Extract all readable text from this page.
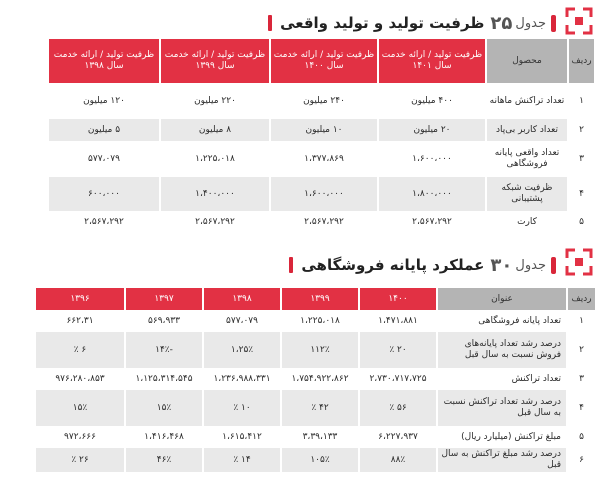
جدول
۲۵
ظرفیت تولید و تولید واقعی
ردیف	محصول	ظرفیت تولید / ارائه خدمت سال ۱۴۰۱	ظرفیت تولید / ارائه خدمت سال ۱۴۰۰	ظرفیت تولید / ارائه خدمت سال ۱۳۹۹	ظرفیت تولید / ارائه خدمت سال ۱۳۹۸
۱	تعداد تراکنش ماهانه	۴۰۰ میلیون	۲۴۰ میلیون	۲۲۰ میلیون	۱۲۰ میلیون
۲	تعداد کاربر بی‌پاد	۲۰ میلیون	۱۰ میلیون	۸ میلیون	۵ میلیون
۳	تعداد واقعی پایانه فروشگاهی	۱،۶۰۰،۰۰۰	۱،۳۷۷،۸۶۹	۱،۲۲۵،۰۱۸	۵۷۷،۰۷۹
۴	ظرفیت شبکه پشتیبانی	۱،۸۰۰،۰۰۰	۱،۶۰۰،۰۰۰	۱،۴۰۰،۰۰۰	۶۰۰،۰۰۰
۵	کارت	۲،۵۶۷،۲۹۲	۲،۵۶۷،۲۹۲	۲،۵۶۷،۲۹۲	۲،۵۶۷،۲۹۲
جدول
۳۰
عملکرد پایانه فروشگاهی
ردیف	عنوان	۱۴۰۰	۱۳۹۹	۱۳۹۸	۱۳۹۷	۱۳۹۶
۱	تعداد پایانه فروشگاهی	۱،۴۷۱،۸۸۱	۱،۲۲۵،۰۱۸	۵۷۷،۰۷۹	۵۶۹،۹۳۳	۶۶۲،۳۱
۲	درصد رشد تعداد پایانه‌های فروش نسبت به سال قبل	۲۰ ٪	۱۱۲٪	۱،۲۵٪	-۱۴٪	۶ ٪
۳	تعداد تراکنش	۲،۷۳۰،۷۱۷،۷۲۵	۱،۷۵۴،۹۲۲،۸۶۲	۱،۲۳۶،۹۸۸،۳۳۱	۱،۱۲۵،۳۱۴،۵۴۵	۹۷۶،۲۸۰،۸۵۳
۴	درصد رشد تعداد تراکنش نسبت به سال قبل	۵۶ ٪	۴۲ ٪	۱۰ ٪	۱۵٪	۱۵٪
۵	مبلغ تراکنش (میلیارد ریال)	۶،۲۲۷،۹۳۷	۳،۳۹،۱۳۳	۱،۶۱۵،۴۱۲	۱،۴۱۶،۴۶۸	۹۷۲،۶۶۶
۶	درصد رشد مبلغ تراکنش به سال قبل	۸۸٪	۱۰۵٪	۱۴ ٪	۴۶٪	۲۶ ٪
